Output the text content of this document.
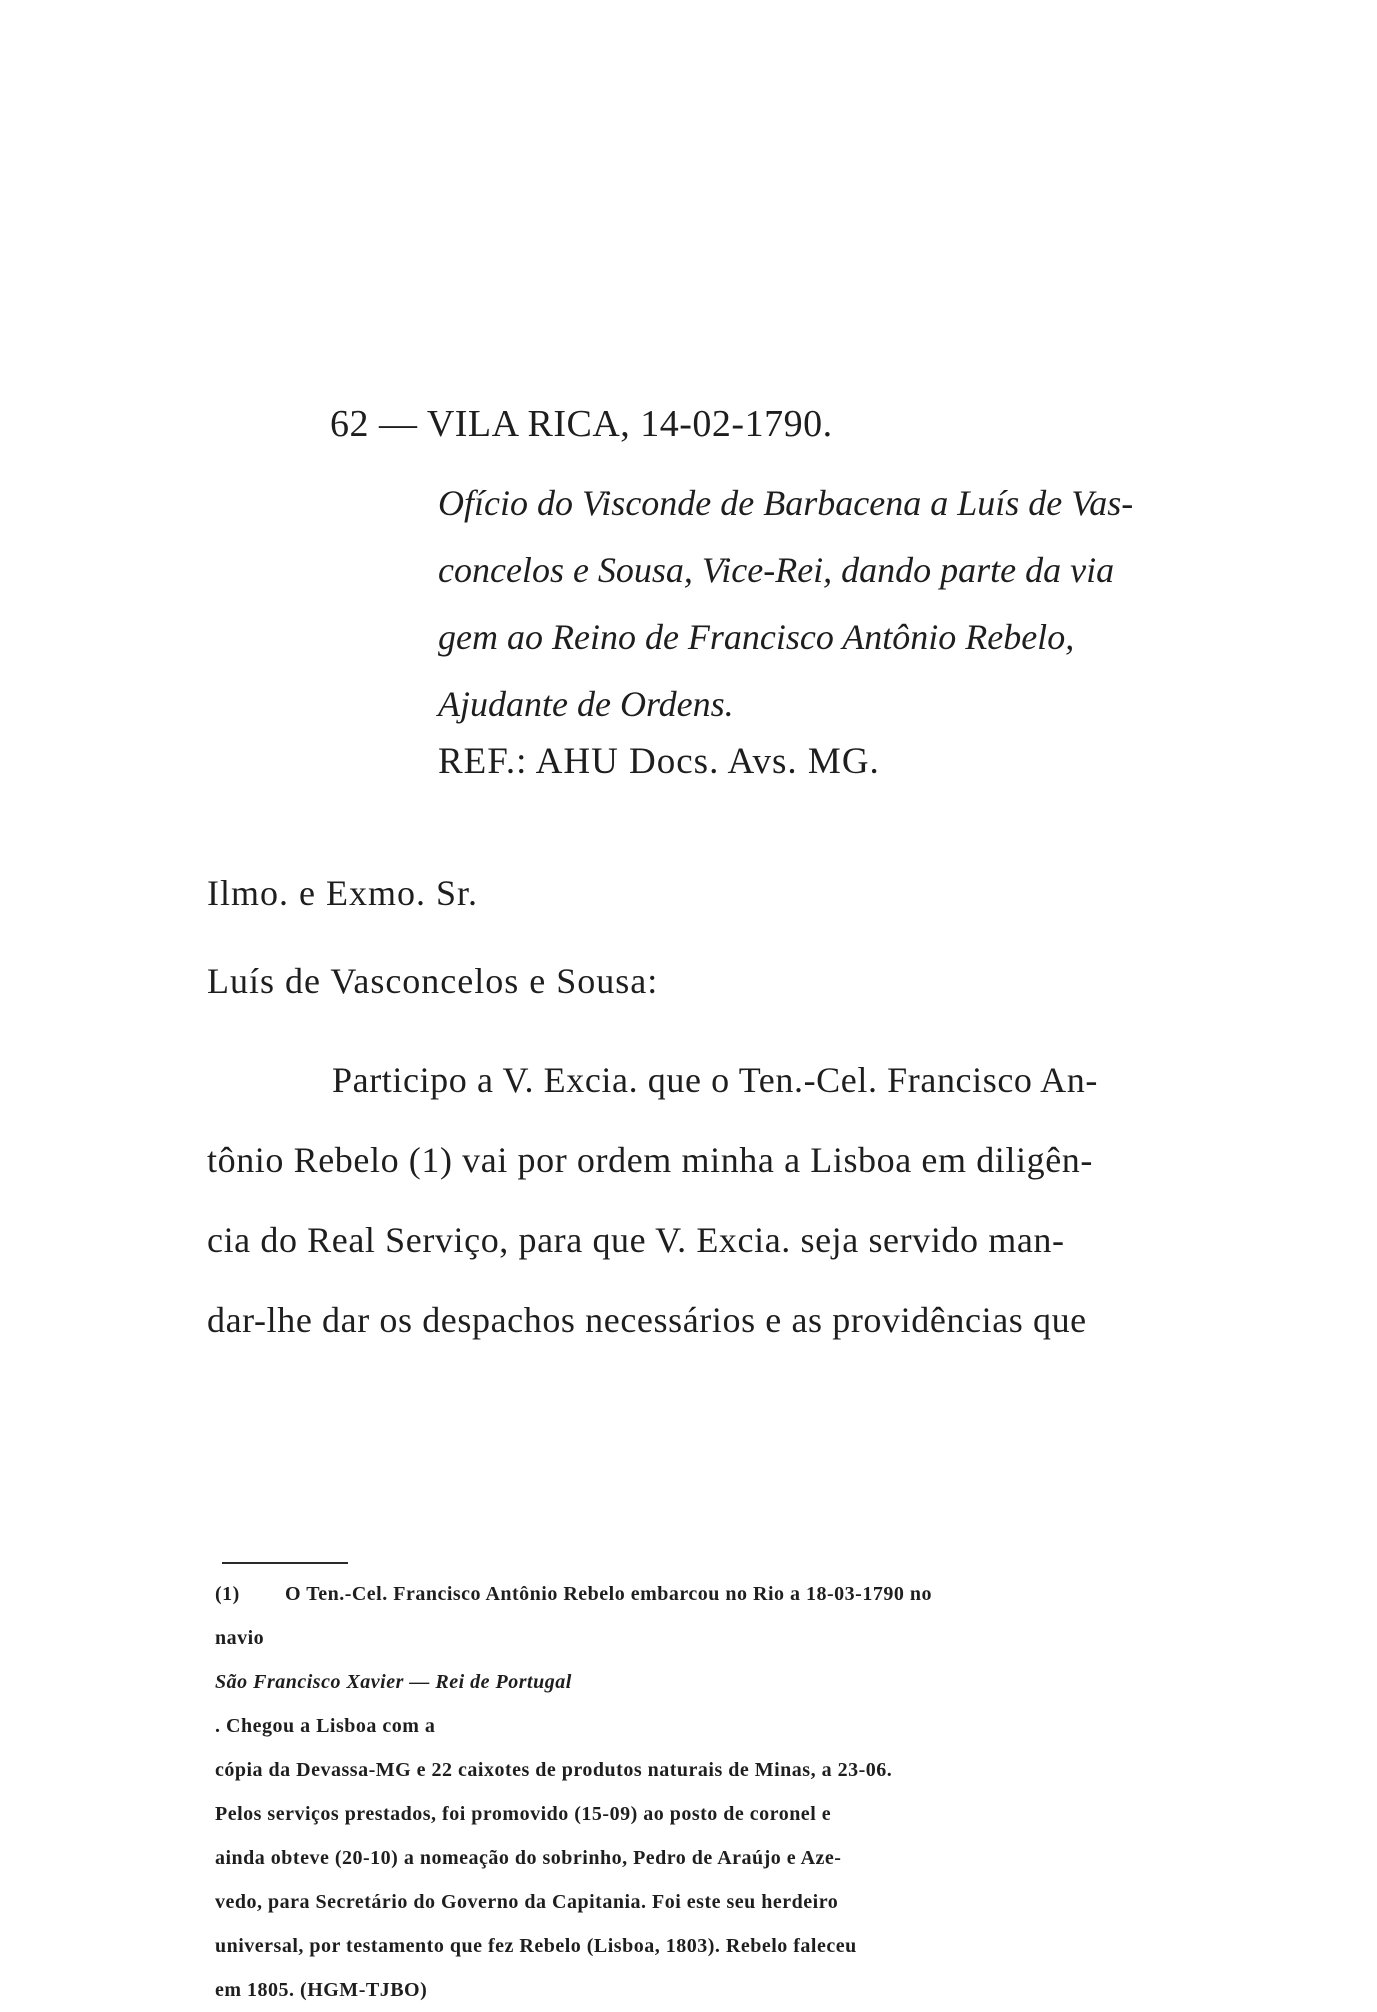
62 — VILA RICA, 14-02-1790.
Ofício do Visconde de Barbacena a Luís de Vas-
concelos e Sousa, Vice-Rei, dando parte da via
gem ao Reino de Francisco Antônio Rebelo,
Ajudante de Ordens.
REF.: AHU Docs. Avs. MG.
Ilmo. e Exmo. Sr.
Luís de Vasconcelos e Sousa:
Participo a V. Excia. que o Ten.-Cel. Francisco An-
tônio Rebelo (1) vai por ordem minha a Lisboa em diligên-
cia do Real Serviço, para que V. Excia. seja servido man-
dar-lhe dar os despachos necessários e as providências que
(1)	O Ten.-Cel. Francisco Antônio Rebelo embarcou no Rio a 18-03-1790 no
navio
São Francisco Xavier — Rei de Portugal
. Chegou a Lisboa com a
cópia da Devassa-MG e 22 caixotes de produtos naturais de Minas, a 23-06.
Pelos serviços prestados, foi promovido (15-09) ao posto de coronel e
ainda obteve (20-10) a nomeação do sobrinho, Pedro de Araújo e Aze-
vedo, para Secretário do Governo da Capitania. Foi este seu herdeiro
universal, por testamento que fez Rebelo (Lisboa, 1803). Rebelo faleceu
em 1805. (HGM-TJBO)
